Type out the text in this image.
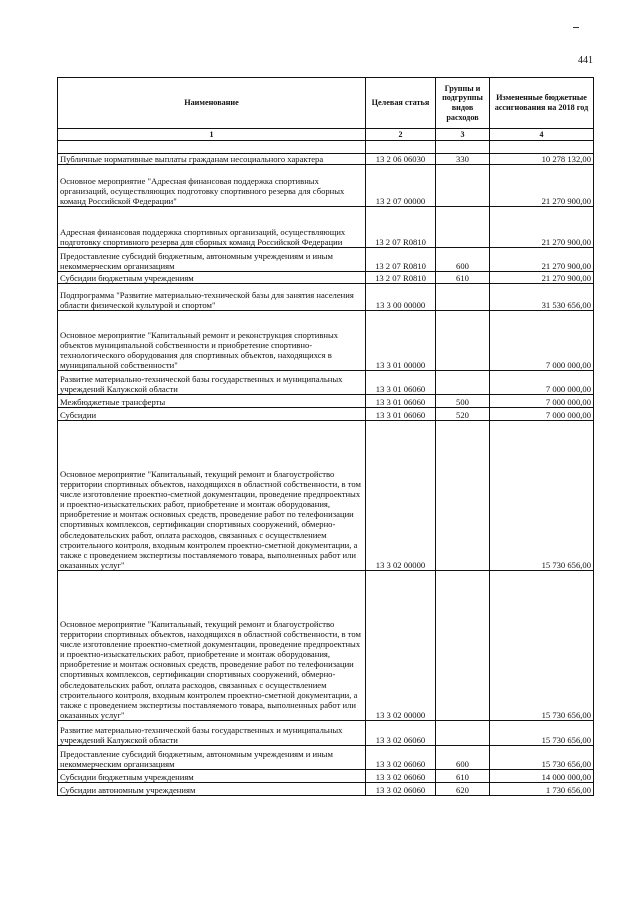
441
Наименование	Целевая статья	Группы и подгруппы видов расходов	Измененные бюджетные ассигнования на 2018 год
1	2	3	4

Публичные нормативные выплаты гражданам несоциального характера	13 2 06 06030	330	10 278 132,00
Основное мероприятие "Адресная финансовая поддержка спортивных организаций, осуществляющих подготовку спортивного резерва для сборных команд Российской Федерации"	13 2 07 00000		21 270 900,00
Адресная финансовая поддержка спортивных организаций, осуществляющих подготовку спортивного резерва для сборных команд Российской Федерации	13 2 07 R0810		21 270 900,00
Предоставление субсидий бюджетным, автономным учреждениям и иным некоммерческим организациям	13 2 07 R0810	600	21 270 900,00
Субсидии бюджетным учреждениям	13 2 07 R0810	610	21 270 900,00
Подпрограмма "Развитие материально-технической базы для занятия населения области физической культурой и спортом"	13 3 00 00000		31 530 656,00
Основное мероприятие "Капитальный ремонт и реконструкция спортивных объектов муниципальной собственности и приобретение спортивно-технологического оборудования для спортивных объектов, находящихся в муниципальной собственности"	13 3 01 00000		7 000 000,00
Развитие материально-технической базы государственных и муниципальных учреждений Калужской области	13 3 01 06060		7 000 000,00
Межбюджетные трансферты	13 3 01 06060	500	7 000 000,00
Субсидии	13 3 01 06060	520	7 000 000,00
Основное мероприятие "Капитальный, текущий ремонт и благоустройство территории спортивных объектов, находящихся в областной собственности, в том числе изготовление проектно-сметной документации, проведение предпроектных и проектно-изыскательских работ, приобретение и монтаж оборудования, приобретение и монтаж основных средств, проведение работ по телефонизации спортивных комплексов, сертификации спортивных сооружений, обмерно-обследовательских работ, оплата расходов, связанных с осуществлением строительного контроля, входным контролем проектно-сметной документации, а также с проведением экспертизы поставляемого товара, выполненных работ или оказанных услуг"	13 3 02 00000		15 730 656,00
Основное мероприятие "Капитальный, текущий ремонт и благоустройство территории спортивных объектов, находящихся в областной собственности, в том числе изготовление проектно-сметной документации, проведение предпроектных и проектно-изыскательских работ, приобретение и монтаж оборудования, приобретение и монтаж основных средств, проведение работ по телефонизации спортивных комплексов, сертификации спортивных сооружений, обмерно-обследовательских работ, оплата расходов, связанных с осуществлением строительного контроля, входным контролем проектно-сметной документации, а также с проведением экспертизы поставляемого товара, выполненных работ или оказанных услуг"	13 3 02 00000		15 730 656,00
Развитие материально-технической базы государственных и муниципальных учреждений Калужской области	13 3 02 06060		15 730 656,00
Предоставление субсидий бюджетным, автономным учреждениям и иным некоммерческим организациям	13 3 02 06060	600	15 730 656,00
Субсидии бюджетным учреждениям	13 3 02 06060	610	14 000 000,00
Субсидии автономным учреждениям	13 3 02 06060	620	1 730 656,00
